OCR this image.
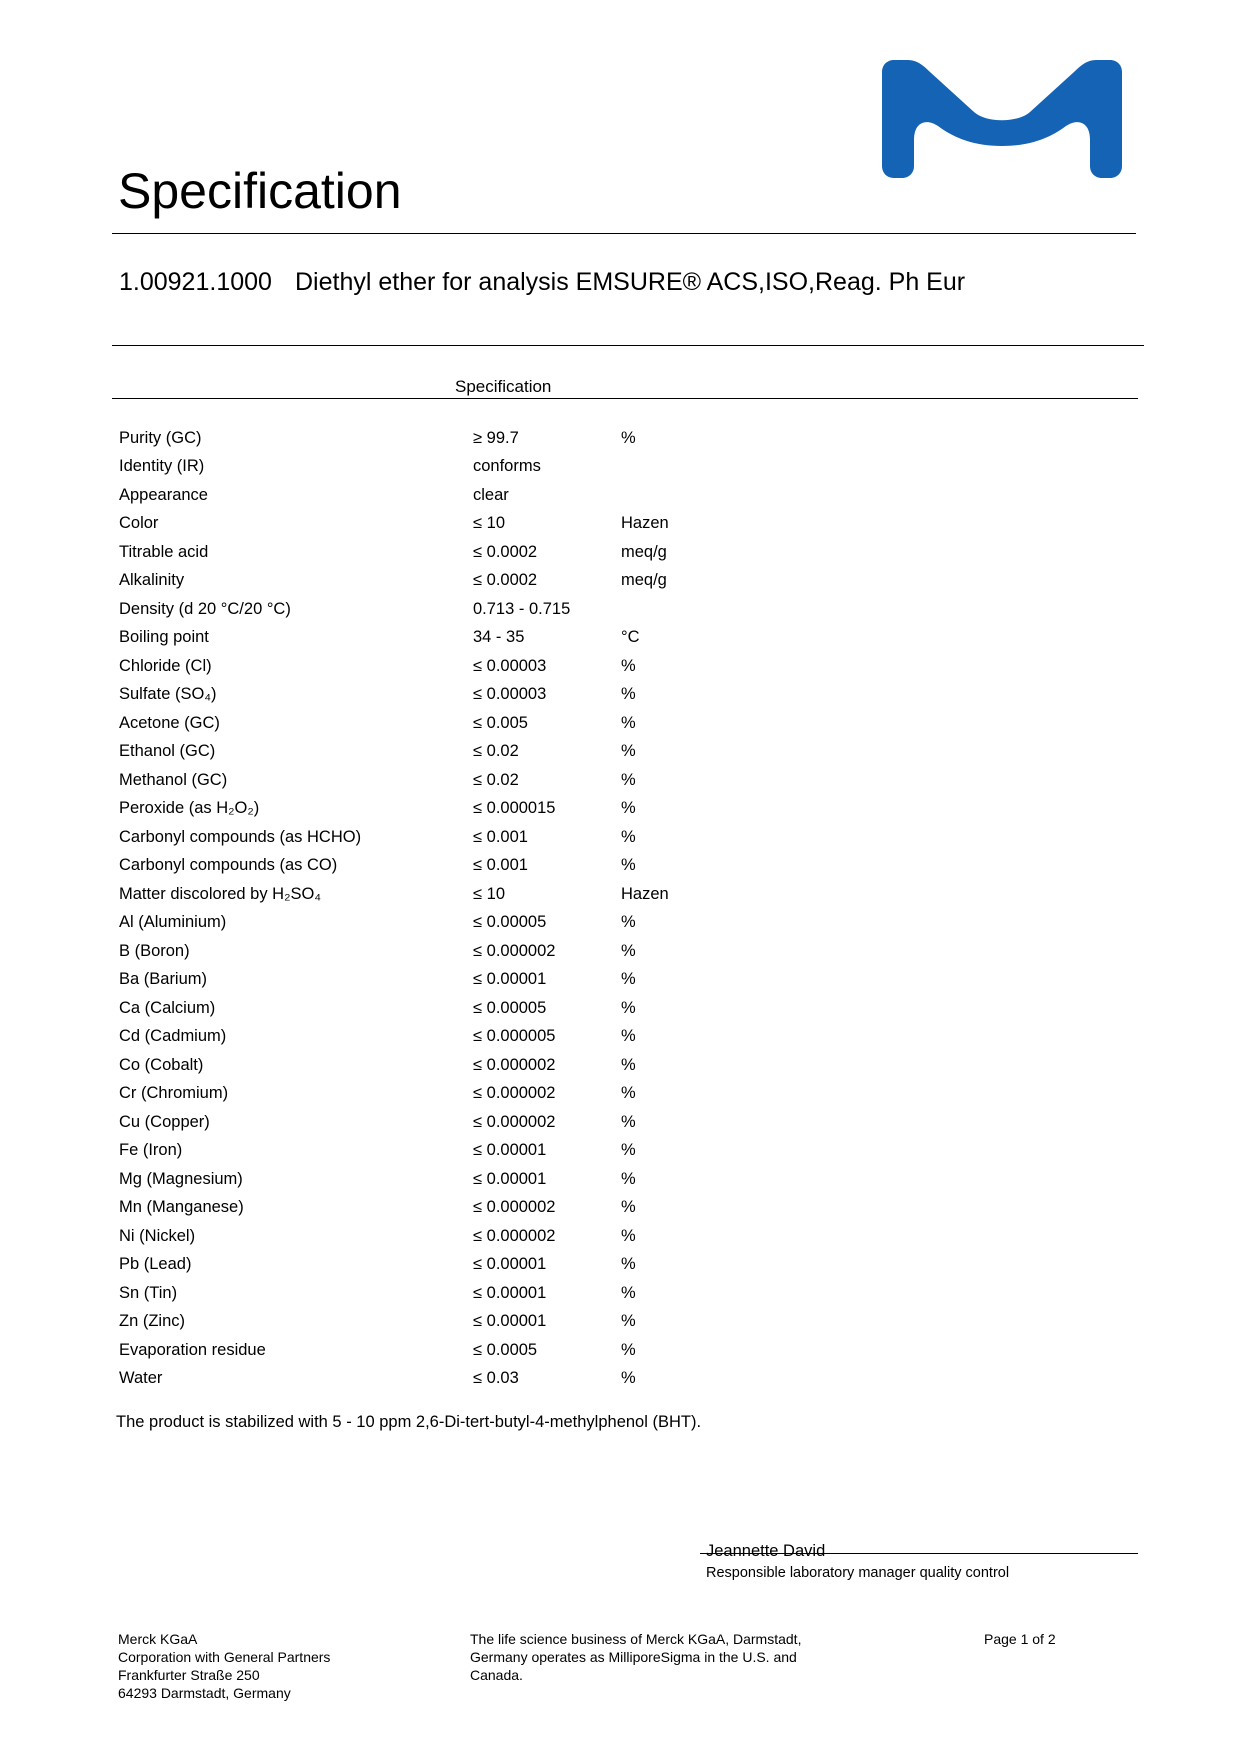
Specification
1.00921.1000 Diethyl ether for analysis EMSURE® ACS,ISO,Reag. Ph Eur
Specification
Purity (GC)	≥ 99.7	%
Identity (IR)	conforms	
Appearance	clear	
Color	≤ 10	Hazen
Titrable acid	≤ 0.0002	meq/g
Alkalinity	≤ 0.0002	meq/g
Density (d 20 °C/20 °C)	0.713 - 0.715	
Boiling point	34 - 35	°C
Chloride (Cl)	≤ 0.00003	%
Sulfate (SO₄)	≤ 0.00003	%
Acetone (GC)	≤ 0.005	%
Ethanol (GC)	≤ 0.02	%
Methanol (GC)	≤ 0.02	%
Peroxide (as H₂O₂)	≤ 0.000015	%
Carbonyl compounds (as HCHO)	≤ 0.001	%
Carbonyl compounds (as CO)	≤ 0.001	%
Matter discolored by H₂SO₄	≤ 10	Hazen
Al (Aluminium)	≤ 0.00005	%
B (Boron)	≤ 0.000002	%
Ba (Barium)	≤ 0.00001	%
Ca (Calcium)	≤ 0.00005	%
Cd (Cadmium)	≤ 0.000005	%
Co (Cobalt)	≤ 0.000002	%
Cr (Chromium)	≤ 0.000002	%
Cu (Copper)	≤ 0.000002	%
Fe (Iron)	≤ 0.00001	%
Mg (Magnesium)	≤ 0.00001	%
Mn (Manganese)	≤ 0.000002	%
Ni (Nickel)	≤ 0.000002	%
Pb (Lead)	≤ 0.00001	%
Sn (Tin)	≤ 0.00001	%
Zn (Zinc)	≤ 0.00001	%
Evaporation residue	≤ 0.0005	%
Water	≤ 0.03	%
The product is stabilized with 5 - 10 ppm 2,6-Di-tert-butyl-4-methylphenol (BHT).
Jeannette David
Responsible laboratory manager quality control
Merck KGaA
Corporation with General Partners
Frankfurter Straße 250
64293 Darmstadt, Germany
The life science business of Merck KGaA, Darmstadt,
Germany operates as MilliporeSigma in the U.S. and
Canada.
Page 1 of 2
